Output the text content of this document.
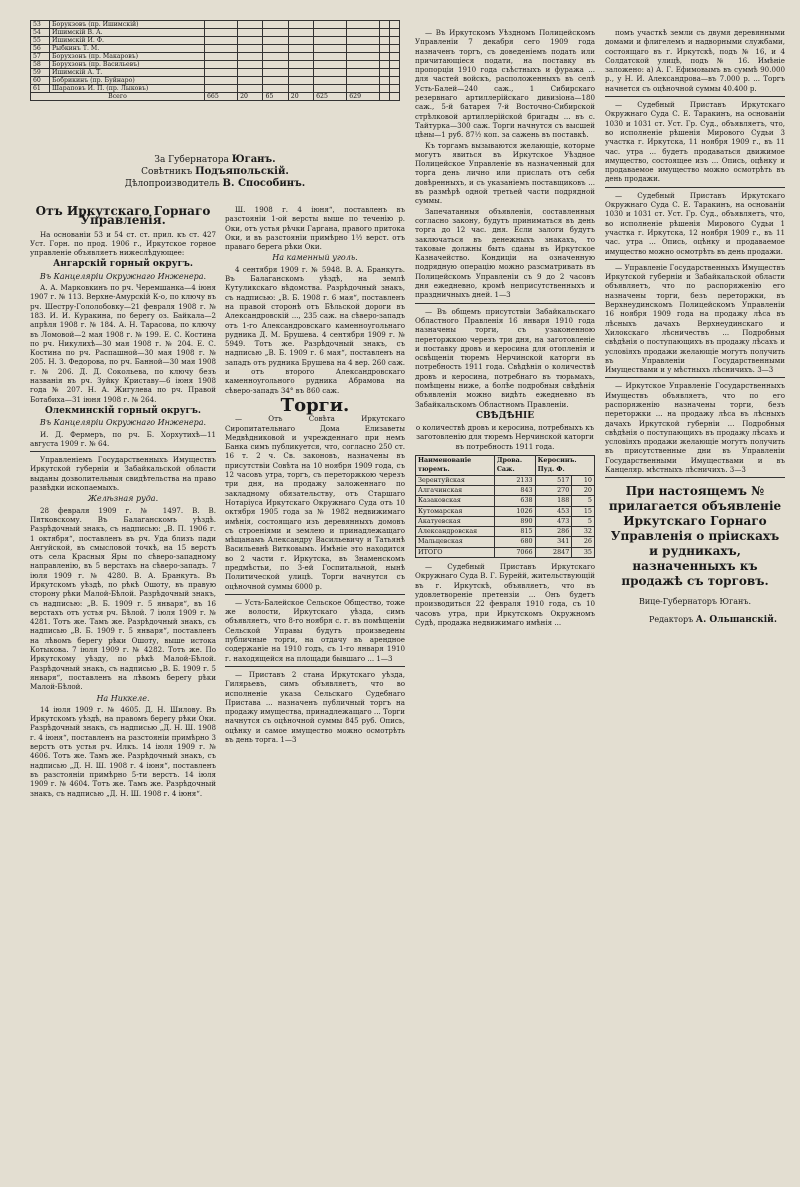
53	Борукзовъ (пр. Ишимскiй)								
54	Ишимскiй В. А.								
55	Ишимскiй И. Ф.								
56	Рыбкинъ Т. М.								
57	Борухзонъ (пр. Макаровъ)								
58	Борухзонъ (пр. Васильевъ)								
59	Ишимскiй А. Т.								
60	Бобрикинъ (пр. Буйнаро)								
61	Шараповъ И. П. (пр. Лыковъ)								
Всего		665	20	65	20	625	629		
За Губернатора Юганъ.
Совѣтникъ Подъяпольскiй.
Дѣлопроизводитель В. Способинъ.
Отъ Иркутскаго Горнаго Управленiя.

На основанiи 53 и 54 ст. ст. прил. къ ст. 427 Уст. Горн. по прод. 1906 г., Иркутское горное управленiе объявляетъ нижеслѣдующее:

Ангарскiй горный округъ.
Въ Канцелярiи Окружнаго Инженера.

А. А. Марковкинъ по рч. Черемшанка—4 iюня 1907 г. № 113. Верхне-Амурскiй К-о, по ключу въ рч. Шестру-Гололобовку—21 февраля 1908 г. № 183. И. И. Куракина, по берегу оз. Байкала—2 апрѣля 1908 г. № 184. А. Н. Тарасова, по ключу въ Ломовой—2 мая 1908 г. № 199. Е. С. Костина по рч. Никулихѣ—30 мая 1908 г. № 204. Е. С. Костина по рч. Распашной—30 мая 1908 г. № 205. Н. З. Федорова, по рч. Банной—30 мая 1908 г. № 206. Д. Д. Сокольева, по ключу безъ названiя въ рч. Зуйку Криставу—6 iюня 1908 года № 207. Н. А. Жигулева по рч. Правой Ботабиха—31 iюня 1908 г. № 264.

Олекминскiй горный округъ.
Въ Канцелярiи Окружнаго Инженера.

И. Д. Фермеръ, по рч. Б. Хорхутихѣ—11 августа 1909 г. № 64.

Управленiемъ Государственныхъ Имуществъ Иркутской губернiи и Забайкальской области выданы дозволительныя свидѣтельства на право развѣдки ископаемыхъ.

Желѣзная руда.

28 февраля 1909 г. № 1497. В. В. Пятковскому. Въ Балаганскомъ уѣздѣ. Разрѣдочный знакъ, съ надписью: „В. П. 1906 г. 1 октября“, поставленъ въ рч. Уда близъ пади Ангуйской, въ смысловой точкѣ, на 15 верстъ отъ села Красныя Яры по сѣверо-западному направленiю, въ 5 верстахъ на сѣверо-западъ. 7 iюля 1909 г. № 4280. В. А. Бранкутъ. Въ Иркутскомъ уѣздѣ, по рѣкѣ Ошоту, въ правую сторону рѣки Малой-Бѣлой. Разрѣдочный знакъ, съ надписью: „В. Б. 1909 г. 5 января“, въ 16 верстахъ отъ устья рч. Бѣлой. 7 iюля 1909 г. № 4281. Тотъ же. Тамъ же. Разрѣдочный знакъ, съ надписью „В. Б. 1909 г. 5 января“, поставленъ на лѣвомъ берегу рѣки Ошоту, выше истока Котыкова. 7 iюля 1909 г. № 4282. Тотъ же. По Иркутскому уѣзду, по рѣкѣ Малой-Бѣлой. Разрѣдочный знакъ, съ надписью „В. Б. 1909 г. 5 января“, поставленъ на лѣвомъ берегу рѣки Малой-Бѣлой.

На Никкеле.

14 iюля 1909 г. № 4605. Д. Н. Шилову. Въ Иркутскомъ уѣздѣ, на правомъ берегу рѣки Оки. Разрѣдочный знакъ, съ надписью „Д. Н. Ш. 1908 г. 4 iюня“, поставленъ на разстоянiи примѣрно 3 верстъ отъ устья рч. Илкъ. 14 iюля 1909 г. № 4606. Тотъ же. Тамъ же. Разрѣдочный знакъ, съ надписью „Д. Н. Ш. 1908 г. 4 iюня“, поставленъ въ разстоянiи примѣрно 5-ти верстъ. 14 iюля 1909 г. № 4604. Тотъ же. Тамъ же. Разрѣдочный знакъ, съ надписью „Д. Н. Ш. 1908 г. 4 iюня“.

Ш. 1908 г. 4 iюня“, поставленъ въ разстоянiи 1-ой версты выше по теченiю р. Оки, отъ устья рѣчки Гаргана, правого притока Оки, и въ разстоянiи примѣрно 1½ верст. отъ праваго берега рѣки Оки.

На каменный уголь.

4 сентября 1909 г. № 5948. В. А. Бранкутъ. Въ Балаганскомъ уѣздѣ, на землѣ Кутуликскаго вѣдомства. Разрѣдочный знакъ, съ надписью: „В. Б. 1908 г. 6 мая“, поставленъ на правой сторонѣ отъ Бѣльской дороги въ Александровскiй ..., 235 саж. на сѣверо-западъ отъ 1-го Александровскаго каменноугольнаго рудника Д. М. Брушева. 4 сентября 1909 г. № 5949. Тотъ же. Разрѣдочный знакъ, съ надписью „В. Б. 1909 г. 6 мая“, поставленъ на западъ отъ рудника Брушева на 4 вер. 260 саж. и отъ второго Александровскаго каменноугольного рудника Абрамова на сѣверо-западъ 34° въ 860 саж.

Торги.

— Отъ Совѣта Иркутскаго Сиропитательнаго Дома Елизаветы Медвѣдниковой и учрежденнаго при немъ Банка симъ публикуется, что, согласно 250 ст. 16 т. 2 ч. Св. законовъ, назначены въ присутствiи Совѣта на 10 ноября 1909 года, съ 12 часовъ утра, торгъ, съ переторжкою черезъ три дня, на продажу заложеннаго по закладному обязательству, отъ Старшаго Нотарiуса Иркутскаго Окружнаго Суда отъ 10 октября 1905 года за № 1982 недвижимаго имѣнiя, состоящаго изъ деревянныхъ домовъ съ строенiями и землею и принадлежащаго мѣщанамъ Александру Васильевичу и Татьянѣ Васильевнѣ Витковымъ. Имѣнiе это находится во 2 части г. Иркутска, въ Знаменскомъ предмѣстьи, по 3-ей Госпитальной, нынѣ Политической улицѣ. Торги начнутся съ оцѣночной суммы 6000 р.

— Усть-Балейское Сельское Общество, тоже же волости, Иркутскаго уѣзда, симъ объявляетъ, что 8-го ноября с. г. въ помѣщенiи Сельской Управы будутъ произведены публичные торги, на отдачу въ арендное содержанiе на 1910 годъ, съ 1-го января 1910 г. находящейся на площади бывшаго ... 1—3

— Приставъ 2 стана Иркутскаго уѣзда, Гилярьевъ, симъ объявляетъ, что во исполненiе указа Сельскаго Судебнаго Пристава ... назначенъ публичный торгъ на продажу имущества, принадлежащаго ... Торги начнутся съ оцѣночной суммы 845 руб. Опись, оцѣнку и самое имущество можно осмотрѣть въ день торга. 1—3

— Въ Иркутскомъ Уѣздномъ Полицейскомъ Управленiи 7 декабря сего 1909 года назначенъ торгъ, съ доведенiемъ подать или причитающiеся подати, на поставку въ пропорцiи 1910 года съѣстныхъ и фуража ... для частей войскъ, расположенныхъ въ селѣ Усть-Балей—240 саж., 1 Сибирскаго резервнаго артиллерiйскаго дивизiона—180 саж., 5-й батарея 7-й Восточно-Сибирской стрѣлковой артиллерiйской бригады ... въ с. Тайтурка—300 саж. Торги начнутся съ высшей цѣны—1 руб. 87½ коп. за сажень въ поставкѣ.

Къ торгамъ вызываются желающiе, которые могутъ явиться въ Иркутское Уѣздное Полицейское Управленiе въ назначенный для торга день лично или прислать отъ себя довѣренныхъ, и съ указанiемъ поставщиковъ ... въ размѣрѣ одной третьей части подрядной суммы.

Запечатанныя объявленiя, составленныя согласно закону, будутъ приниматься въ день торга до 12 час. дня. Если залоги будутъ заключаться въ денежныхъ знакахъ, то таковые должны быть сданы въ Иркутское Казначейство. Кондицiи на означенную подрядную операцiю можно разсматривать въ Полицейскомъ Управленiи съ 9 до 2 часовъ дня ежедневно, кромѣ неприсутственныхъ и праздничныхъ дней. 1—3

— Въ общемъ присутствiи Забайкальскаго Областного Правленiя 16 января 1910 года назначены торги, съ узаконенною переторжкою черезъ три дня, на заготовленiе и поставку дровъ и керосина для отопленiя и освѣщенiя тюремъ Нерчинской каторги въ потребность 1911 года. Свѣдѣнiя о количествѣ дровъ и керосина, потребнаго въ тюрьмахъ, помѣщены ниже, а болѣе подробныя свѣдѣнiя объявленiя можно видѣть ежедневно въ Забайкальскомъ Областномъ Правленiи.

СВѢДѢНIЕ

о количествѣ дровъ и керосина, потребныхъ къ заготовленiю для тюремъ Нерчинской каторги въ потребность 1911 года.

Наименованiе тюремъ.	Дрова. Саж.	Керосинъ. Пуд. Ф.	
Зерентуйская	2133	517	10
Алгачинская	843	270	20
Казаковская	638	188	5
Кутомарская	1026	453	15
Акатуевская	890	473	5
Александровская	815	286	32
Мальцевская	680	341	26
ИТОГО	7066	2847	35

— Судебный Приставъ Иркутскаго Окружнаго Суда В. Г. Бурейй, жительствующiй въ г. Иркутскѣ, объявляетъ, что въ удовлетворенiе претензiи ... Онъ будетъ производиться 22 февраля 1910 года, съ 10 часовъ утра, при Иркутскомъ Окружномъ Судѣ, продажа недвижимаго имѣнiя ...

помъ участкѣ земли съ двумя деревянными домами и флигелемъ и надворными службами, состоящаго въ г. Иркутскѣ, подъ № 16, и 4 Солдатской улицѣ, подъ № 16. Имѣнiе заложено: а) А. Г. Ефимовымъ въ суммѣ 90.000 р., у Н. И. Александрова—въ 7.000 р. ... Торгъ начнется съ оцѣночной суммы 40.400 р.

— Судебный Приставъ Иркутскаго Окружнаго Суда С. Е. Таракинъ, на основанiи 1030 и 1031 ст. Уст. Гр. Суд., объявляетъ, что, во исполненiе рѣшенiя Мирового Судьи 3 участка г. Иркутска, 11 ноября 1909 г., въ 11 час. утра ... будетъ продаваться движимое имущество, состоящее изъ ... Опись, оцѣнку и продаваемое имущество можно осмотрѣть въ день продажи.

— Судебный Приставъ Иркутскаго Окружнаго Суда С. Е. Таракинъ, на основанiи 1030 и 1031 ст. Уст. Гр. Суд., объявляетъ, что, во исполненiе рѣшенiя Мирового Судьи 1 участка г. Иркутска, 12 ноября 1909 г., въ 11 час. утра ... Опись, оцѣнку и продаваемое имущество можно осмотрѣть въ день продажи.

— Управленiе Государственныхъ Имуществъ Иркутской губернiи и Забайкальской области объявляетъ, что по распоряженiю его назначены торги, безъ переторжки, въ Верхнеудинскомъ Полицейскомъ Управленiи 16 ноября 1909 года на продажу лѣса въ лѣсныхъ дачахъ Верхнеудинскаго и Хилокскаго лѣсничествъ ... Подробныя свѣдѣнiя о поступающихъ въ продажу лѣсахъ и условiяхъ продажи желающiе могутъ получить въ Управленiи Государственными Имуществами и у мѣстныхъ лѣсничихъ. 3—3

— Иркутское Управленiе Государственныхъ Имуществъ объявляетъ, что по его распоряженiю назначены торги, безъ переторжки ... на продажу лѣса въ лѣсныхъ дачахъ Иркутской губернiи ... Подробныя свѣдѣнiя о поступающихъ въ продажу лѣсахъ и условiяхъ продажи желающiе могутъ получить въ присутственные дни въ Управленiи Государственными Имуществами и въ Канцеляр. мѣстныхъ лѣсничихъ. 3—3

При настоящемъ № прилагается объявленiе Иркутскаго Горнаго Управленiя о прiискахъ и рудникахъ, назначенныхъ къ продажѣ съ торговъ.
Вице-Губернаторъ Юганъ.
Редакторъ А. Ольшанскiй.
